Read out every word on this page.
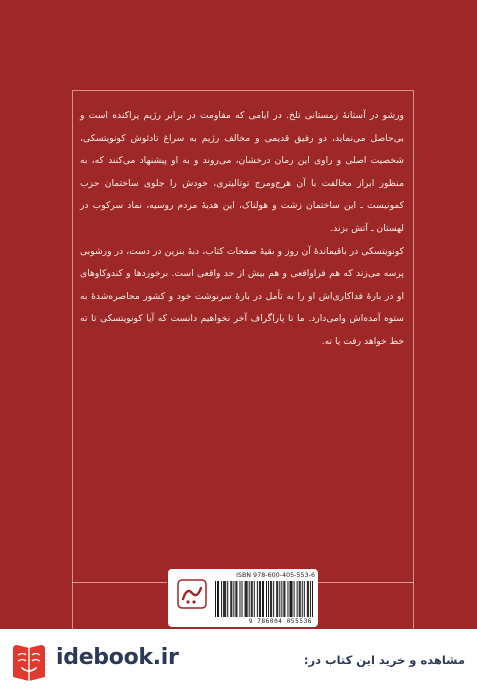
ورشو در آستانهٔ زمستانی تلخ. در ایامی که مقاومت در برابر رژیم پراکنده است و بی‌حاصل می‌نماید، دو رفیق قدیمی و مخالف رژیم به سراغ تادئوش کونویتسکی، شخصیت اصلی و راوی این رمان درخشان، می‌روند و به او پیشنهاد می‌کنند که، به منظور ابراز مخالفت با آن هرج‌ومرج توتالیتری، خودش را جلوی ساختمان حزب کمونیست ـ این ساختمان زشت و هولناک، این هدیهٔ مردم روسیه، نماد سرکوب در لهستان ـ آتش بزند.

کونویتسکی در باقیماندهٔ آن روز و بقیهٔ صفحات کتاب، دبهٔ بنزین در دست، در ورشوبی پرسه می‌زند که هم فراواقعی و هم بیش از حد واقعی است. برخوردها و کندوکاوهای او در بارهٔ فداکاری‌اش او را به تأمل در بارهٔ سرنوشت خود و کشور محاصره‌شدهٔ به ستوه آمده‌اش وامی‌دارد. ما تا پاراگراف آخر نخواهیم دانست که آیا کونویتسکی تا ته خط خواهد رفت یا نه.

ISBN 978-600-405-553-6
9 786004 055536
idebook.ir	مشاهده و خرید این کتاب در:
